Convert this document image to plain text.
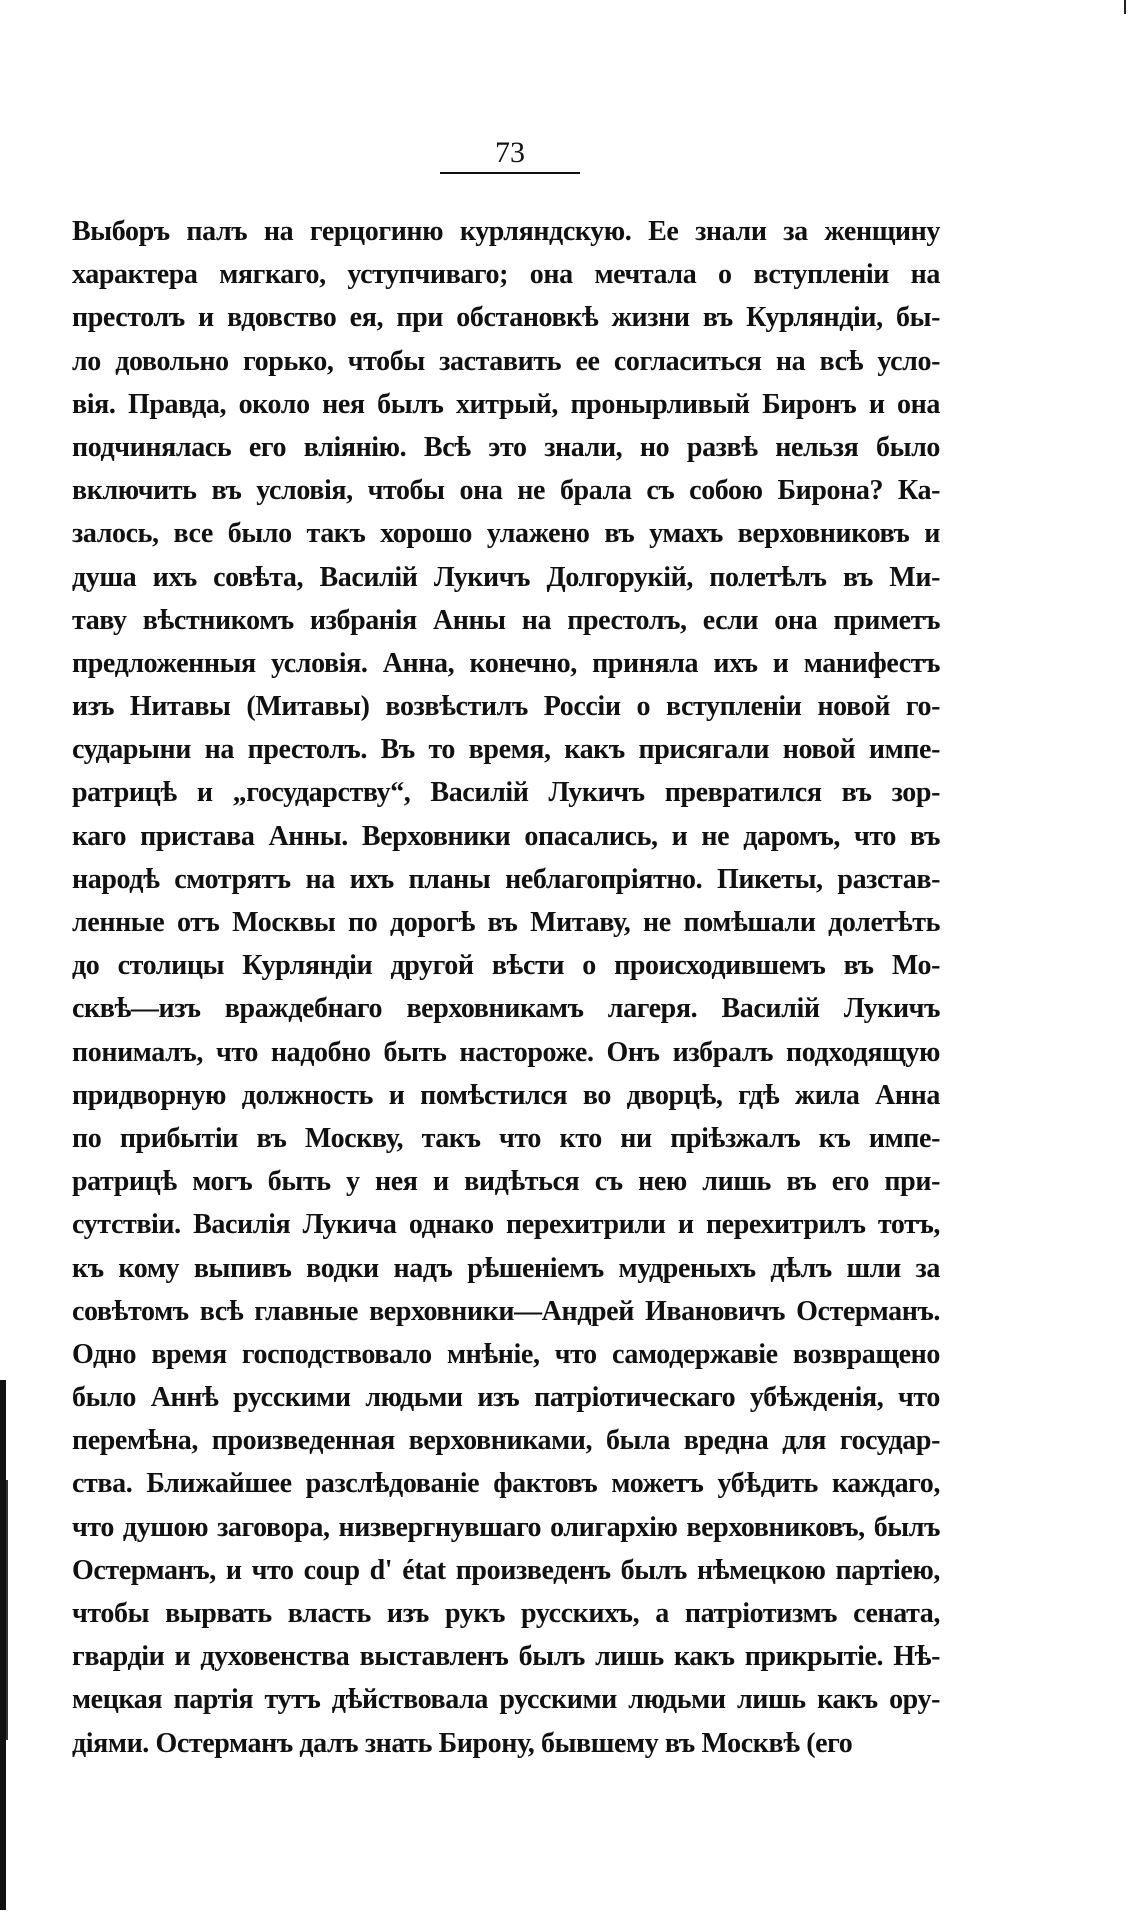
73
Выборъ палъ на герцогиню курляндскую. Ее знали за женщину
характера мягкаго, уступчиваго; она мечтала о вступленіи на
престолъ и вдовство ея, при обстановкѣ жизни въ Курляндіи, бы-
ло довольно горько, чтобы заставить ее согласиться на всѣ усло-
вія. Правда, около нея былъ хитрый, пронырливый Биронъ и она
подчинялась его вліянію. Всѣ это знали, но развѣ нельзя было
включить въ условія, чтобы она не брала съ собою Бирона? Ка-
залось, все было такъ хорошо улажено въ умахъ верховниковъ и
душа ихъ совѣта, Василій Лукичъ Долгорукій, полетѣлъ въ Ми-
таву вѣстникомъ избранія Анны на престолъ, если она приметъ
предложенныя условія. Анна, конечно, приняла ихъ и манифестъ
изъ Нитавы (Митавы) возвѣстилъ Россіи о вступленіи новой го-
сударыни на престолъ. Въ то время, какъ присягали новой импе-
ратрицѣ и „государству“, Василій Лукичъ превратился въ зор-
каго пристава Анны. Верховники опасались, и не даромъ, что въ
народѣ смотрятъ на ихъ планы неблагопріятно. Пикеты, разстав-
ленные отъ Москвы по дорогѣ въ Митаву, не помѣшали долетѣть
до столицы Курляндіи другой вѣсти о происходившемъ въ Мо-
сквѣ—изъ враждебнаго верховникамъ лагеря. Василій Лукичъ
понималъ, что надобно быть настороже. Онъ избралъ подходящую
придворную должность и помѣстился во дворцѣ, гдѣ жила Анна
по прибытіи въ Москву, такъ что кто ни пріѣзжалъ къ импе-
ратрицѣ могъ быть у нея и видѣться съ нею лишь въ его при-
сутствіи. Василія Лукича однако перехитрили и перехитрилъ тотъ,
къ кому выпивъ водки надъ рѣшеніемъ мудреныхъ дѣлъ шли за
совѣтомъ всѣ главные верховники—Андрей Ивановичъ Остерманъ.
Одно время господствовало мнѣніе, что самодержавіе возвращено
было Аннѣ русскими людьми изъ патріотическаго убѣжденія, что
перемѣна, произведенная верховниками, была вредна для государ-
ства. Ближайшее разслѣдованіе фактовъ можетъ убѣдить каждаго,
что душою заговора, низвергнувшаго олигархію верховниковъ, былъ
Остерманъ, и что coup d' état произведенъ былъ нѣмецкою партіею,
чтобы вырвать власть изъ рукъ русскихъ, а патріотизмъ сената,
гвардіи и духовенства выставленъ былъ лишь какъ прикрытіе. Нѣ-
мецкая партія тутъ дѣйствовала русскими людьми лишь какъ ору-
діями. Остерманъ далъ знать Бирону, бывшему въ Москвѣ (его
